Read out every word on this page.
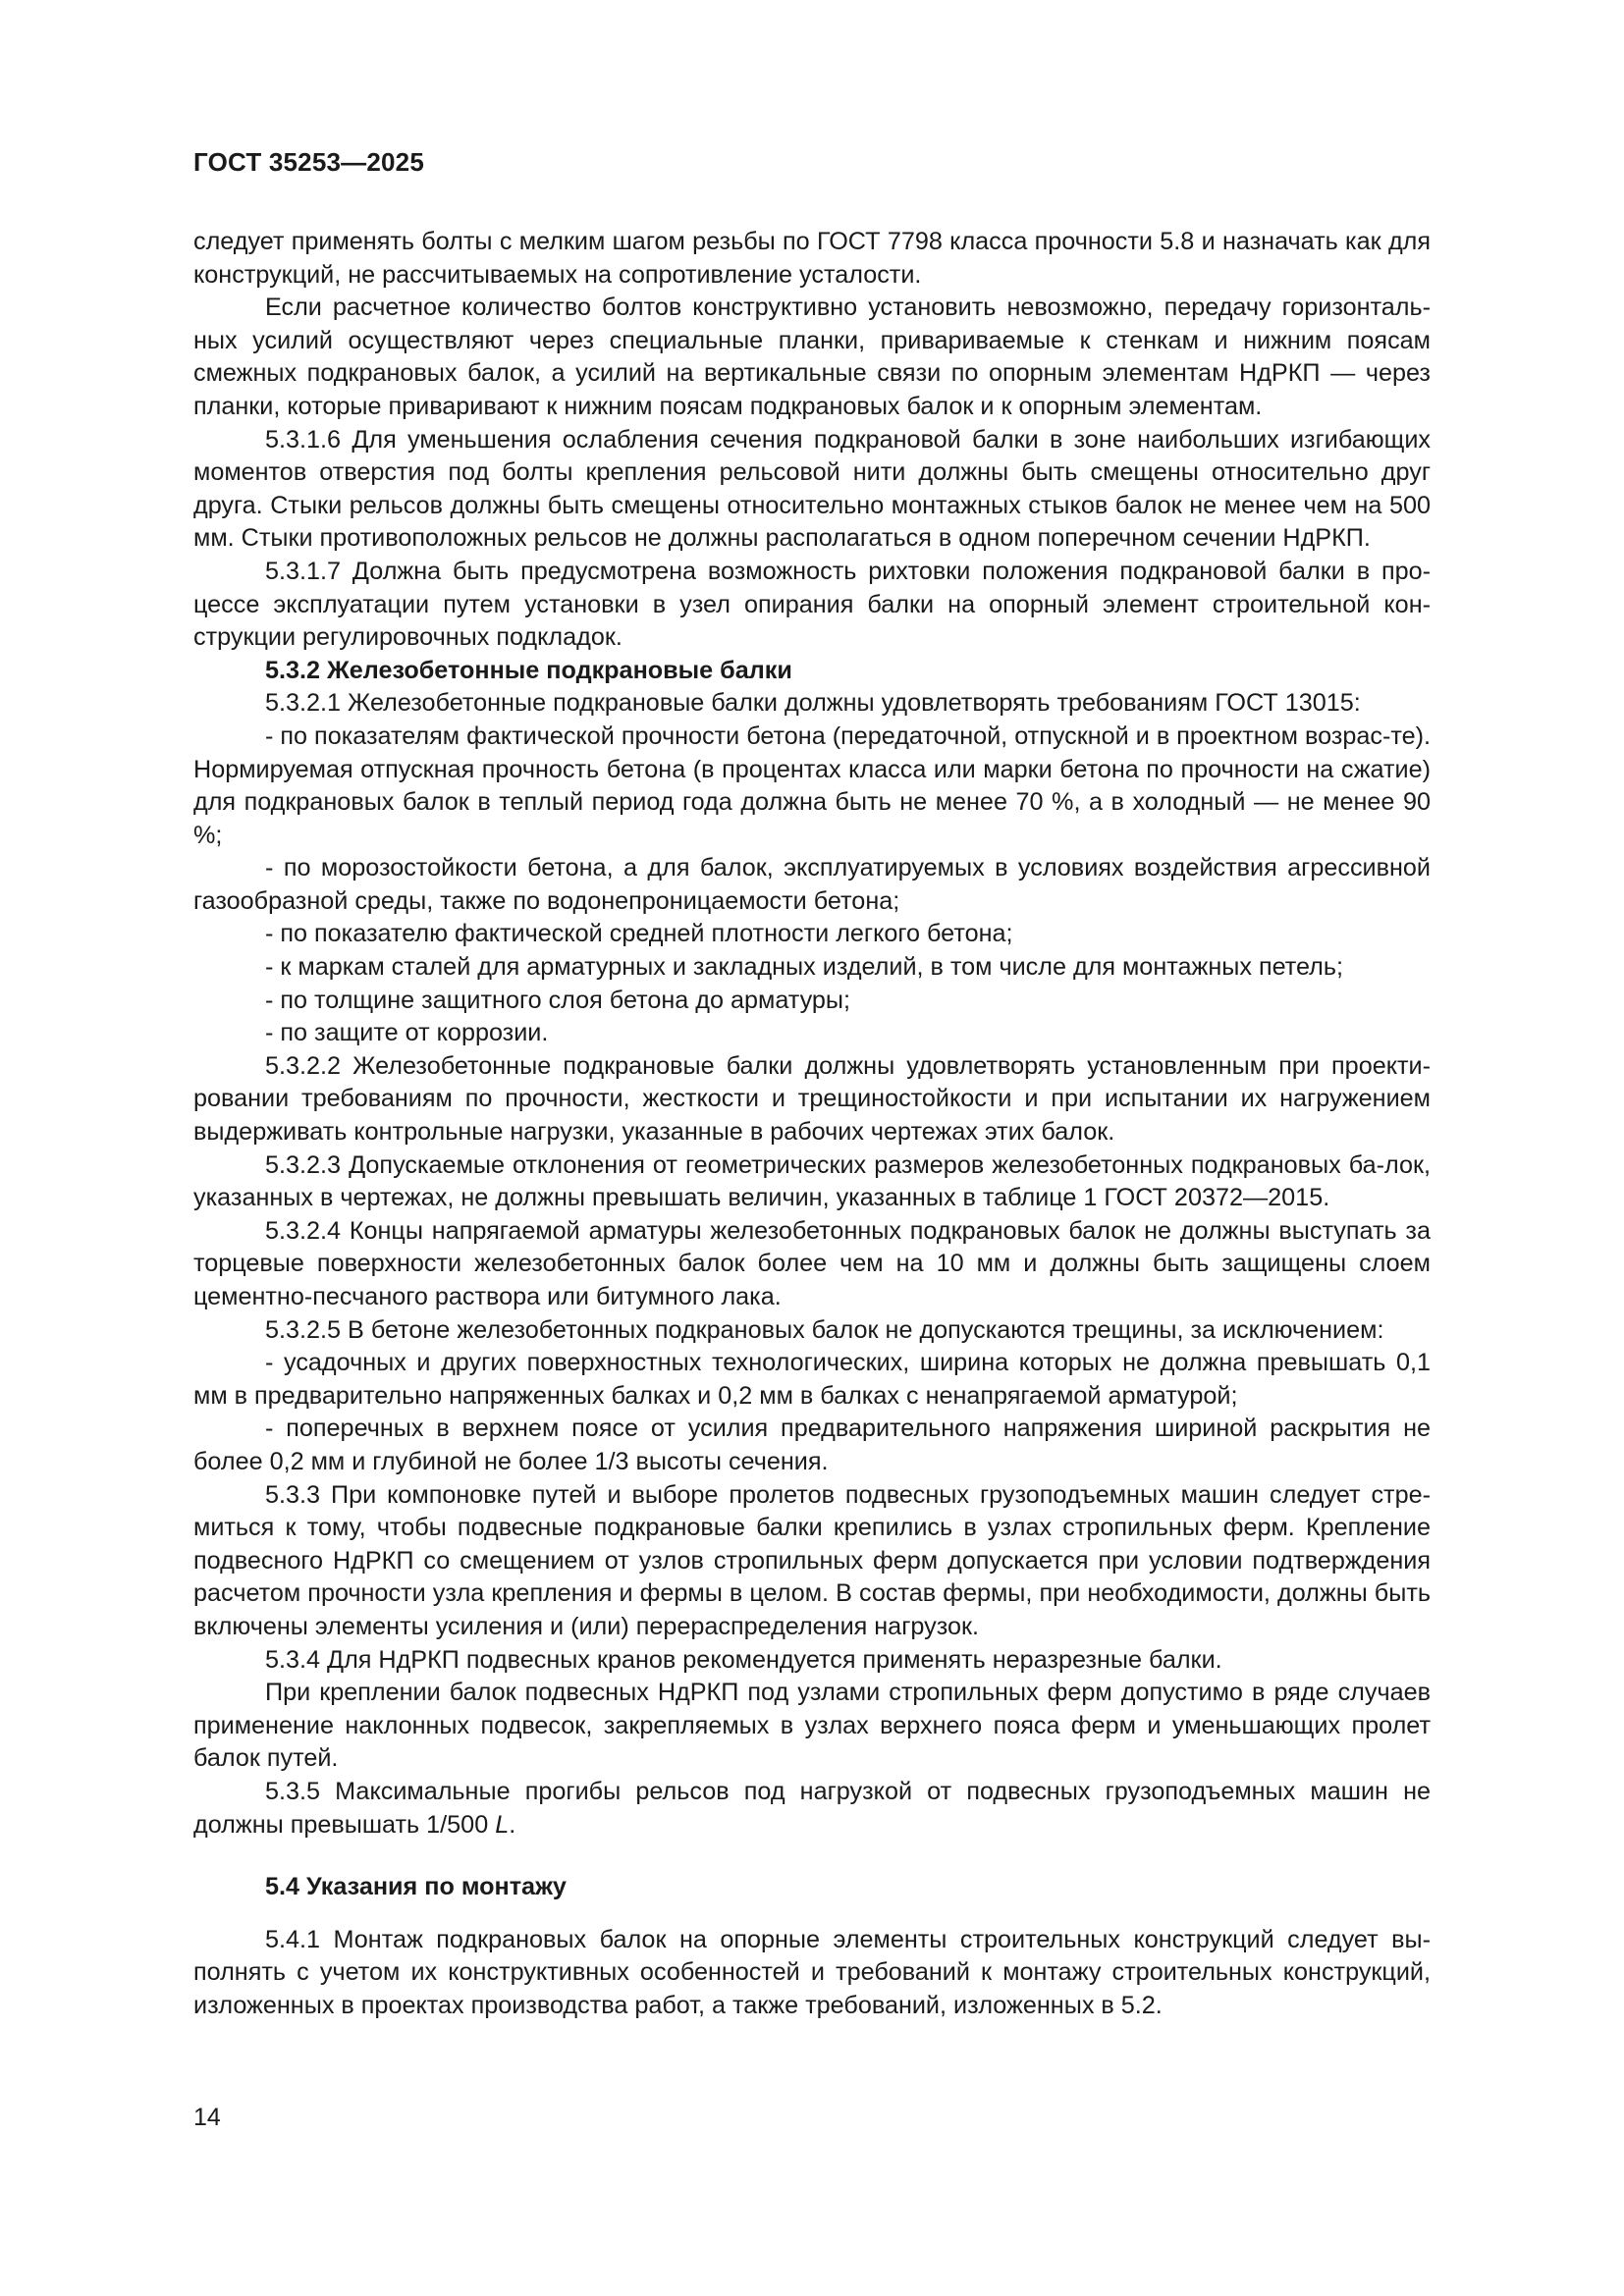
ГОСТ 35253—2025

следует применять болты с мелким шагом резьбы по ГОСТ 7798 класса прочности 5.8 и назначать как для конструкций, не рассчитываемых на сопротивление усталости.

Если расчетное количество болтов конструктивно установить невозможно, передачу горизонталь-ных усилий осуществляют через специальные планки, привариваемые к стенкам и нижним поясам смежных подкрановых балок, а усилий на вертикальные связи по опорным элементам НдРКП — через планки, которые приваривают к нижним поясам подкрановых балок и к опорным элементам.

5.3.1.6 Для уменьшения ослабления сечения подкрановой балки в зоне наибольших изгибающих моментов отверстия под болты крепления рельсовой нити должны быть смещены относительно друг друга. Стыки рельсов должны быть смещены относительно монтажных стыков балок не менее чем на 500 мм. Стыки противоположных рельсов не должны располагаться в одном поперечном сечении НдРКП.

5.3.1.7 Должна быть предусмотрена возможность рихтовки положения подкрановой балки в про-цессе эксплуатации путем установки в узел опирания балки на опорный элемент строительной кон-струкции регулировочных подкладок.

5.3.2 Железобетонные подкрановые балки

5.3.2.1 Железобетонные подкрановые балки должны удовлетворять требованиям ГОСТ 13015:

- по показателям фактической прочности бетона (передаточной, отпускной и в проектном возрас-те). Нормируемая отпускная прочность бетона (в процентах класса или марки бетона по прочности на сжатие) для подкрановых балок в теплый период года должна быть не менее 70 %, а в холодный — не менее 90 %;

- по морозостойкости бетона, а для балок, эксплуатируемых в условиях воздействия агрессивной газообразной среды, также по водонепроницаемости бетона;

- по показателю фактической средней плотности легкого бетона;

- к маркам сталей для арматурных и закладных изделий, в том числе для монтажных петель;

- по толщине защитного слоя бетона до арматуры;

- по защите от коррозии.

5.3.2.2 Железобетонные подкрановые балки должны удовлетворять установленным при проекти-ровании требованиям по прочности, жесткости и трещиностойкости и при испытании их нагружением выдерживать контрольные нагрузки, указанные в рабочих чертежах этих балок.

5.3.2.3 Допускаемые отклонения от геометрических размеров железобетонных подкрановых ба-лок, указанных в чертежах, не должны превышать величин, указанных в таблице 1 ГОСТ 20372—2015.

5.3.2.4 Концы напрягаемой арматуры железобетонных подкрановых балок не должны выступать за торцевые поверхности железобетонных балок более чем на 10 мм и должны быть защищены слоем цементно-песчаного раствора или битумного лака.

5.3.2.5 В бетоне железобетонных подкрановых балок не допускаются трещины, за исключением:

- усадочных и других поверхностных технологических, ширина которых не должна превышать 0,1 мм в предварительно напряженных балках и 0,2 мм в балках с ненапрягаемой арматурой;

- поперечных в верхнем поясе от усилия предварительного напряжения шириной раскрытия не более 0,2 мм и глубиной не более 1/3 высоты сечения.

5.3.3 При компоновке путей и выборе пролетов подвесных грузоподъемных машин следует стре-миться к тому, чтобы подвесные подкрановые балки крепились в узлах стропильных ферм. Крепление подвесного НдРКП со смещением от узлов стропильных ферм допускается при условии подтверждения расчетом прочности узла крепления и фермы в целом. В состав фермы, при необходимости, должны быть включены элементы усиления и (или) перераспределения нагрузок.

5.3.4 Для НдРКП подвесных кранов рекомендуется применять неразрезные балки.

При креплении балок подвесных НдРКП под узлами стропильных ферм допустимо в ряде случаев применение наклонных подвесок, закрепляемых в узлах верхнего пояса ферм и уменьшающих пролет балок путей.

5.3.5 Максимальные прогибы рельсов под нагрузкой от подвесных грузоподъемных машин не должны превышать 1/500 L.

5.4 Указания по монтажу

5.4.1 Монтаж подкрановых балок на опорные элементы строительных конструкций следует вы-полнять с учетом их конструктивных особенностей и требований к монтажу строительных конструкций, изложенных в проектах производства работ, а также требований, изложенных в 5.2.

14
